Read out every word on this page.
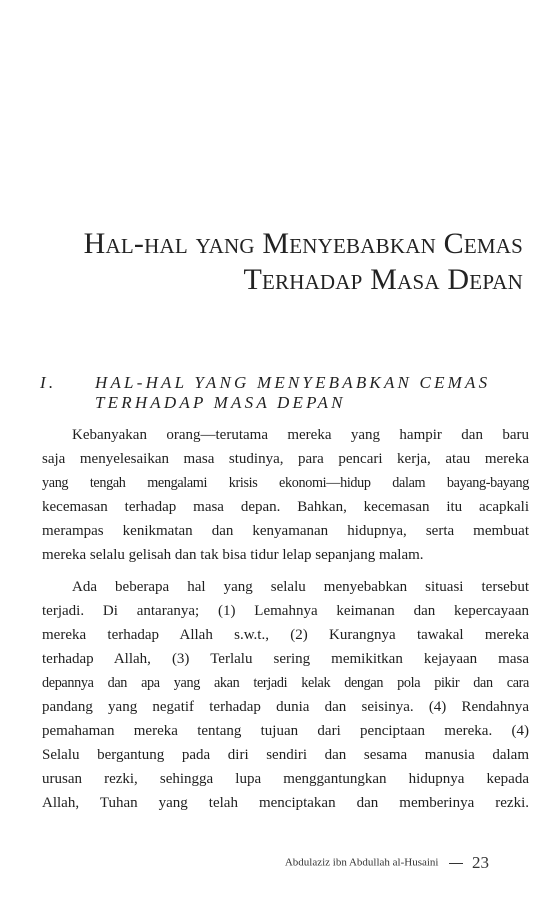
Hal-hal yang Menyebabkan Cemas
Terhadap Masa Depan
I. HAL-HAL YANG MENYEBABKAN CEMAS
TERHADAP MASA DEPAN
Kebanyakan orang—terutama mereka yang hampir dan baru
saja menyelesaikan masa studinya, para pencari kerja, atau mereka
yang tengah mengalami krisis ekonomi—hidup dalam bayang-bayang
kecemasan terhadap masa depan. Bahkan, kecemasan itu acapkali
merampas kenikmatan dan kenyamanan hidupnya, serta membuat
mereka selalu gelisah dan tak bisa tidur lelap sepanjang malam.
Ada beberapa hal yang selalu menyebabkan situasi tersebut
terjadi. Di antaranya; (1) Lemahnya keimanan dan kepercayaan
mereka terhadap Allah s.w.t., (2) Kurangnya tawakal mereka
terhadap Allah, (3) Terlalu sering memikitkan kejayaan masa
depannya dan apa yang akan terjadi kelak dengan pola pikir dan cara
pandang yang negatif terhadap dunia dan seisinya. (4) Rendahnya
pemahaman mereka tentang tujuan dari penciptaan mereka. (4)
Selalu bergantung pada diri sendiri dan sesama manusia dalam
urusan rezki, sehingga lupa menggantungkan hidupnya kepada
Allah, Tuhan yang telah menciptakan dan memberinya rezki.
Abdulaziz ibn Abdullah al-Husaini 23
